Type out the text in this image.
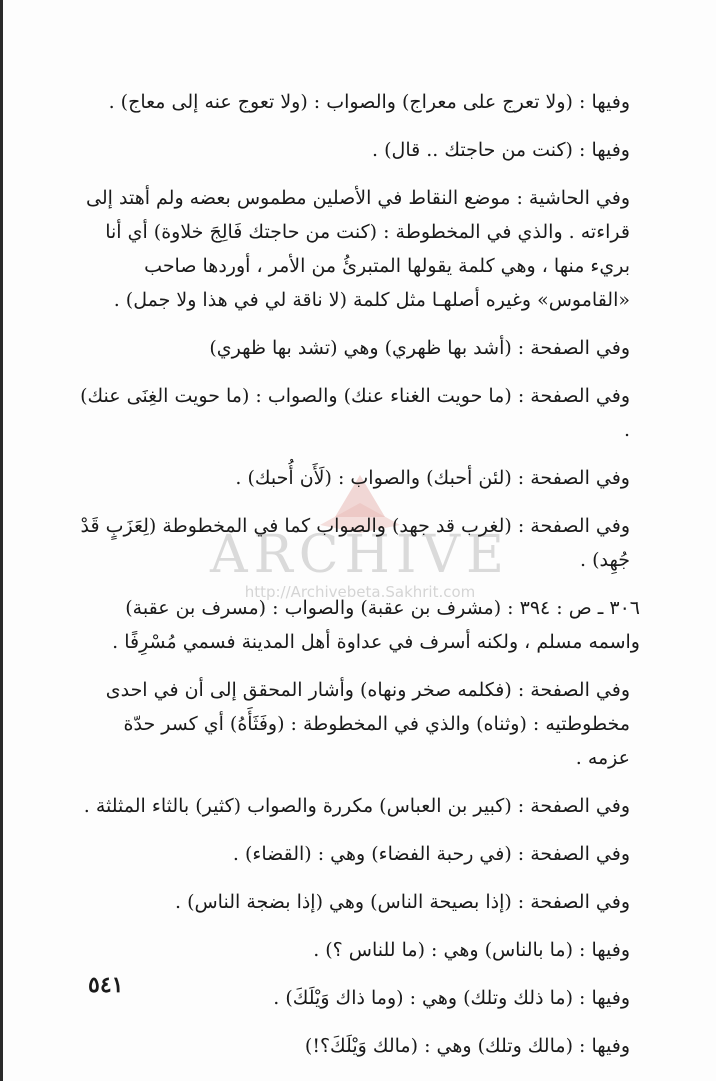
ARCHIVE
http://Archivebeta.Sakhrit.com

وفيها : (ولا تعرج على معراج) والصواب : (ولا تعوج عنه إلى معاج) .

وفيها : (كنت من حاجتك .. قال) .

وفي الحاشية : موضع النقاط في الأصلين مطموس بعضه ولم أهتد إلى قراءته . والذي في المخطوطة : (كنت من حاجتك فَالِجَ خلاوة) أي أنا بريء منها ، وهي كلمة يقولها المتبرئُ من الأمر ، أوردها صاحب «القاموس» وغيره أصلهـا مثل كلمة (لا ناقة لي في هذا ولا جمل) .

وفي الصفحة : (أشد بها ظهري) وهي (تشد بها ظهري)

وفي الصفحة : (ما حويت الغناء عنك) والصواب : (ما حويت الغِنَى عنك) .

وفي الصفحة : (لئن أحبك) والصواب : (لَأَن أُحبك) .

وفي الصفحة : (لغرب قد جهد) والصواب كما في المخطوطة (لِعَزَبٍ قَدْ جُهِد) .

٣٠٦ ـ ص : ٣٩٤ : (مشرف بن عقبة) والصواب : (مسرف بن عقبة) واسمه مسلم ، ولكنه أسرف في عداوة أهل المدينة فسمي مُسْرِفًا .

وفي الصفحة : (فكلمه صخر ونهاه) وأشار المحقق إلى أن في احدى مخطوطتيه : (وثناه) والذي في المخطوطة : (وفَثَأَهُ) أي كسر حدّة عزمه .

وفي الصفحة : (كبير بن العباس) مكررة والصواب (كثير) بالثاء المثلثة .

وفي الصفحة : (في رحبة الفضاء) وهي : (القضاء) .

وفي الصفحة : (إذا بصيحة الناس) وهي (إذا بضجة الناس) .

وفيها : (ما بالناس) وهي : (ما للناس ؟) .

وفيها : (ما ذلك وتلك) وهي : (وما ذاك وَيْلَكَ) .

وفيها : (مالك وتلك) وهي : (مالك وَيْلَكَ؟!)

٥٤١
